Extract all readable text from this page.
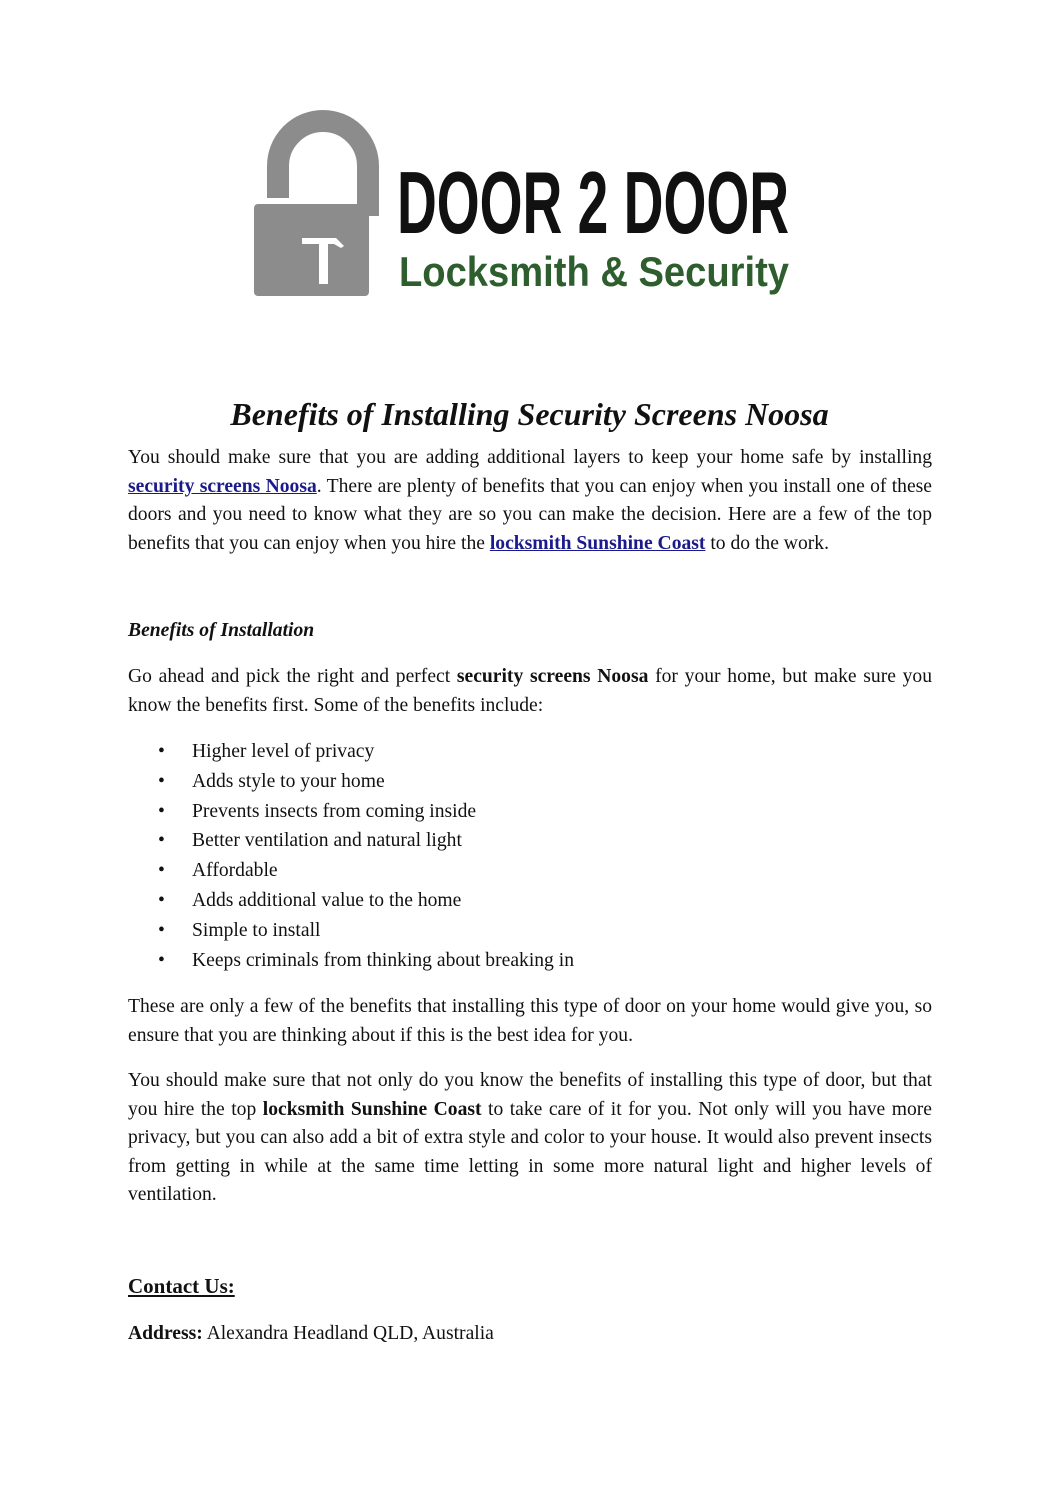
DOOR 2 DOOR
Locksmith & Security
Benefits of Installing Security Screens Noosa

You should make sure that you are adding additional layers to keep your home safe by installing security screens Noosa. There are plenty of benefits that you can enjoy when you install one of these doors and you need to know what they are so you can make the decision. Here are a few of the top benefits that you can enjoy when you hire the locksmith Sunshine Coast to do the work.

Benefits of Installation

Go ahead and pick the right and perfect security screens Noosa for your home, but make sure you know the benefits first. Some of the benefits include:

• Higher level of privacy
• Adds style to your home
• Prevents insects from coming inside
• Better ventilation and natural light
• Affordable
• Adds additional value to the home
• Simple to install
• Keeps criminals from thinking about breaking in

These are only a few of the benefits that installing this type of door on your home would give you, so ensure that you are thinking about if this is the best idea for you.

You should make sure that not only do you know the benefits of installing this type of door, but that you hire the top locksmith Sunshine Coast to take care of it for you. Not only will you have more privacy, but you can also add a bit of extra style and color to your house. It would also prevent insects from getting in while at the same time letting in some more natural light and higher levels of ventilation.

Contact Us:
Address: Alexandra Headland QLD, Australia
